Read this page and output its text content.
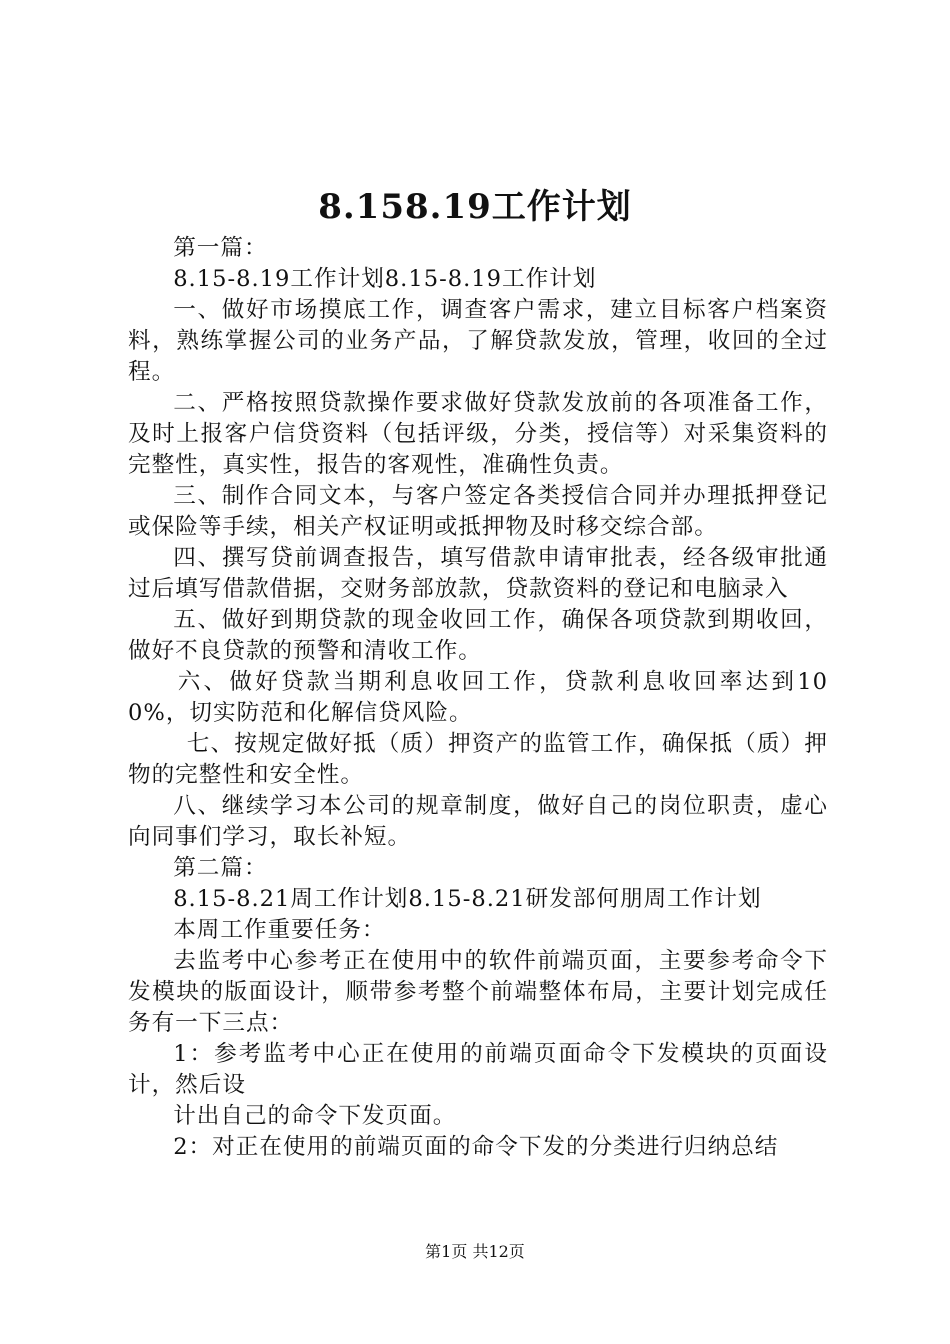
8.158.19工作计划

第一篇：

8.15-8.19工作计划8.15-8.19工作计划

一、做好市场摸底工作，调查客户需求，建立目标客户档案资料，熟练掌握公司的业务产品，了解贷款发放，管理，收回的全过程。

二、严格按照贷款操作要求做好贷款发放前的各项准备工作，及时上报客户信贷资料（包括评级，分类，授信等）对采集资料的完整性，真实性，报告的客观性，准确性负责。

三、制作合同文本，与客户签定各类授信合同并办理抵押登记或保险等手续，相关产权证明或抵押物及时移交综合部。

四、撰写贷前调查报告，填写借款申请审批表，经各级审批通过后填写借款借据，交财务部放款，贷款资料的登记和电脑录入

五、做好到期贷款的现金收回工作，确保各项贷款到期收回，做好不良贷款的预警和清收工作。

六、做好贷款当期利息收回工作，贷款利息收回率达到100%，切实防范和化解信贷风险。

七、按规定做好抵（质）押资产的监管工作，确保抵（质）押物的完整性和安全性。

八、继续学习本公司的规章制度，做好自己的岗位职责，虚心向同事们学习，取长补短。

第二篇：

8.15-8.21周工作计划8.15-8.21研发部何朋周工作计划

本周工作重要任务：

去监考中心参考正在使用中的软件前端页面，主要参考命令下发模块的版面设计，顺带参考整个前端整体布局，主要计划完成任务有一下三点：

1：参考监考中心正在使用的前端页面命令下发模块的页面设计，然后设

计出自己的命令下发页面。

2：对正在使用的前端页面的命令下发的分类进行归纳总结

第1页 共12页
